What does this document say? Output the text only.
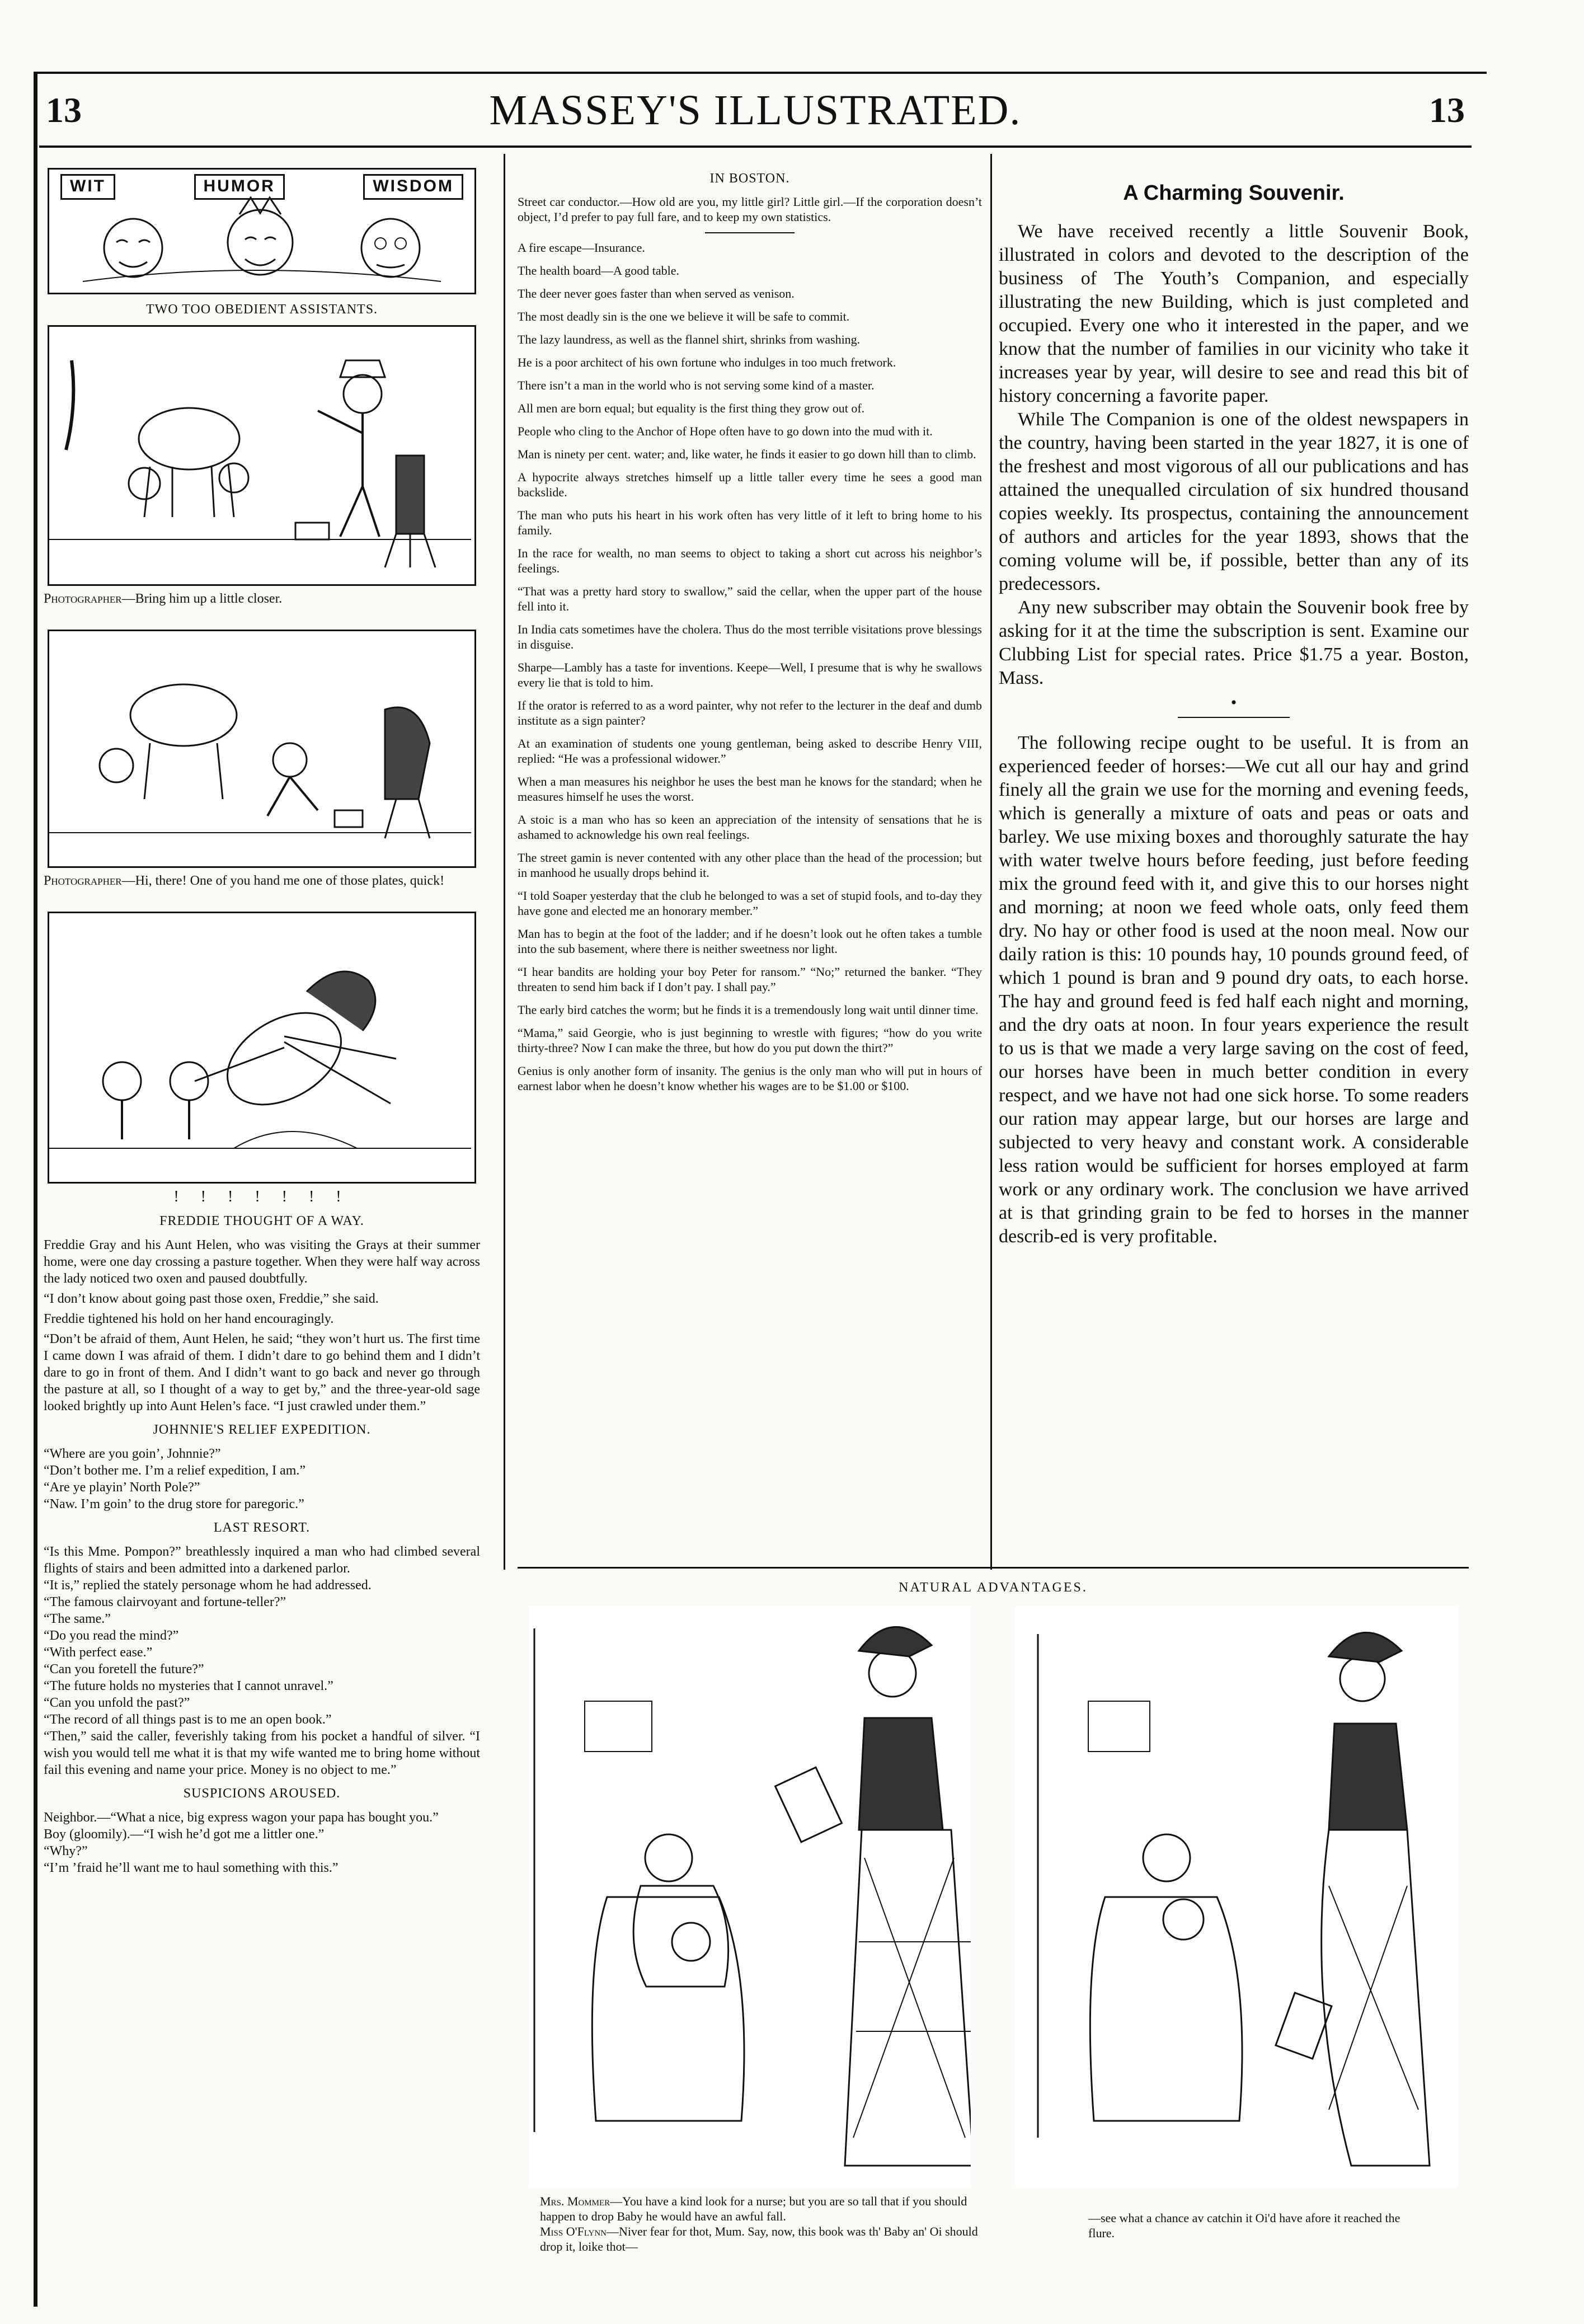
13	MASSEY'S ILLUSTRATED.	13
WIT	HUMOR	WISDOM
TWO TOO OBEDIENT ASSISTANTS.

Photographer—Bring him up a little closer.

Photographer—Hi, there! One of you hand me one of those plates, quick!

! ! ! ! ! ! !
FREDDIE THOUGHT OF A WAY.

Freddie Gray and his Aunt Helen, who was visiting the Grays at their summer home, were one day crossing a pasture together. When they were half way across the lady noticed two oxen and paused doubtfully.

“I don’t know about going past those oxen, Freddie,” she said.

Freddie tightened his hold on her hand encouragingly.

“Don’t be afraid of them, Aunt Helen, he said; “they won’t hurt us. The first time I came down I was afraid of them. I didn’t dare to go behind them and I didn’t dare to go in front of them. And I didn’t want to go back and never go through the pasture at all, so I thought of a way to get by,” and the three-year-old sage looked brightly up into Aunt Helen’s face. “I just crawled under them.”

JOHNNIE'S RELIEF EXPEDITION.

“Where are you goin’, Johnnie?”

“Don’t bother me. I’m a relief expedition, I am.”

“Are ye playin’ North Pole?”

“Naw. I’m goin’ to the drug store for paregoric.”

LAST RESORT.

“Is this Mme. Pompon?” breathlessly inquired a man who had climbed several flights of stairs and been admitted into a darkened parlor.

“It is,” replied the stately personage whom he had addressed.

“The famous clairvoyant and fortune-teller?”

“The same.”

“Do you read the mind?”

“With perfect ease.”

“Can you foretell the future?”

“The future holds no mysteries that I cannot unravel.”

“Can you unfold the past?”

“The record of all things past is to me an open book.”

“Then,” said the caller, feverishly taking from his pocket a handful of silver. “I wish you would tell me what it is that my wife wanted me to bring home without fail this evening and name your price. Money is no object to me.”

SUSPICIONS AROUSED.

Neighbor.—“What a nice, big express wagon your papa has bought you.”

Boy (gloomily).—“I wish he’d got me a littler one.”

“Why?”

“I’m ’fraid he’ll want me to haul something with this.”

IN BOSTON.

Street car conductor.—How old are you, my little girl? Little girl.—If the corporation doesn’t object, I’d prefer to pay full fare, and to keep my own statistics.

A fire escape—Insurance.

The health board—A good table.

The deer never goes faster than when served as venison.

The most deadly sin is the one we believe it will be safe to commit.

The lazy laundress, as well as the flannel shirt, shrinks from washing.

He is a poor architect of his own fortune who indulges in too much fretwork.

There isn’t a man in the world who is not serving some kind of a master.

All men are born equal; but equality is the first thing they grow out of.

People who cling to the Anchor of Hope often have to go down into the mud with it.

Man is ninety per cent. water; and, like water, he finds it easier to go down hill than to climb.

A hypocrite always stretches himself up a little taller every time he sees a good man backslide.

The man who puts his heart in his work often has very little of it left to bring home to his family.

In the race for wealth, no man seems to object to taking a short cut across his neighbor’s feelings.

“That was a pretty hard story to swallow,” said the cellar, when the upper part of the house fell into it.

In India cats sometimes have the cholera. Thus do the most terrible visitations prove blessings in disguise.

Sharpe—Lambly has a taste for inventions. Keepe—Well, I presume that is why he swallows every lie that is told to him.

If the orator is referred to as a word painter, why not refer to the lecturer in the deaf and dumb institute as a sign painter?

At an examination of students one young gentleman, being asked to describe Henry VIII, replied: “He was a professional widower.”

When a man measures his neighbor he uses the best man he knows for the standard; when he measures himself he uses the worst.

A stoic is a man who has so keen an appreciation of the intensity of sensations that he is ashamed to acknowledge his own real feelings.

The street gamin is never contented with any other place than the head of the procession; but in manhood he usually drops behind it.

“I told Soaper yesterday that the club he belonged to was a set of stupid fools, and to-day they have gone and elected me an honorary member.”

Man has to begin at the foot of the ladder; and if he doesn’t look out he often takes a tumble into the sub basement, where there is neither sweetness nor light.

“I hear bandits are holding your boy Peter for ransom.” “No;” returned the banker. “They threaten to send him back if I don’t pay. I shall pay.”

The early bird catches the worm; but he finds it is a tremendously long wait until dinner time.

“Mama,” said Georgie, who is just beginning to wrestle with figures; “how do you write thirty-three? Now I can make the three, but how do you put down the thirt?”

Genius is only another form of insanity. The genius is the only man who will put in hours of earnest labor when he doesn’t know whether his wages are to be $1.00 or $100.

A Charming Souvenir.

We have received recently a little Souvenir Book, illustrated in colors and devoted to the description of the business of The Youth’s Companion, and especially illustrating the new Building, which is just completed and occupied. Every one who it interested in the paper, and we know that the number of families in our vicinity who take it increases year by year, will desire to see and read this bit of history concerning a favorite paper.

While The Companion is one of the oldest newspapers in the country, having been started in the year 1827, it is one of the freshest and most vigorous of all our publications and has attained the unequalled circulation of six hundred thousand copies weekly. Its prospectus, containing the announcement of authors and articles for the year 1893, shows that the coming volume will be, if possible, better than any of its predecessors.

Any new subscriber may obtain the Souvenir book free by asking for it at the time the subscription is sent. Examine our Clubbing List for special rates. Price $1.75 a year. Boston, Mass.

•

The following recipe ought to be useful. It is from an experienced feeder of horses:—We cut all our hay and grind finely all the grain we use for the morning and evening feeds, which is generally a mixture of oats and peas or oats and barley. We use mixing boxes and thoroughly saturate the hay with water twelve hours before feeding, just before feeding mix the ground feed with it, and give this to our horses night and morning; at noon we feed whole oats, only feed them dry. No hay or other food is used at the noon meal. Now our daily ration is this: 10 pounds hay, 10 pounds ground feed, of which 1 pound is bran and 9 pound dry oats, to each horse. The hay and ground feed is fed half each night and morning, and the dry oats at noon. In four years experience the result to us is that we made a very large saving on the cost of feed, our horses have been in much better condition in every respect, and we have not had one sick horse. To some readers our ration may appear large, but our horses are large and subjected to very heavy and constant work. A considerable less ration would be sufficient for horses employed at farm work or any ordinary work. The conclusion we have arrived at is that grinding grain to be fed to horses in the manner describ-ed is very profitable.

NATURAL ADVANTAGES.
Mrs. Mommer—You have a kind look for a nurse; but you are so tall that if you should happen to drop Baby he would have an awful fall.
Miss O'Flynn—Niver fear for thot, Mum. Say, now, this book was th' Baby an' Oi should drop it, loike thot—
—see what a chance av catchin it Oi'd have afore it reached the flure.
